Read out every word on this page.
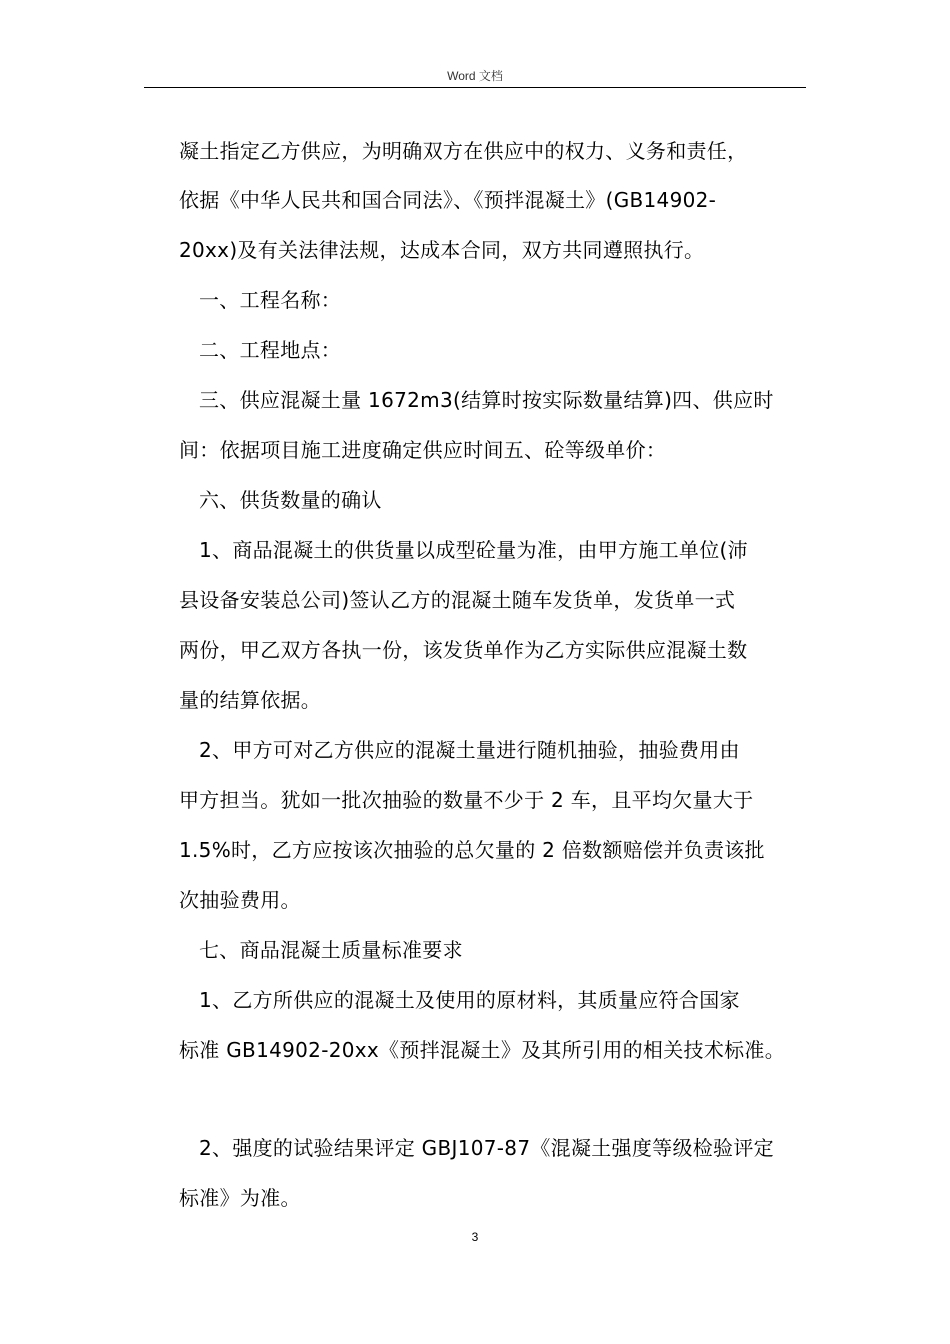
Word 文档
凝土指定乙方供应，为明确双方在供应中的权力、义务和责任，
依据《中华人民共和国合同法》、《预拌混凝土》(GB14902-
20xx)及有关法律法规，达成本合同，双方共同遵照执行。
一、工程名称：
二、工程地点：
三、供应混凝土量 1672m3(结算时按实际数量结算)四、供应时
间：依据项目施工进度确定供应时间五、砼等级单价：
六、供货数量的确认
1、商品混凝土的供货量以成型砼量为准，由甲方施工单位(沛
县设备安装总公司)签认乙方的混凝土随车发货单，发货单一式
两份，甲乙双方各执一份，该发货单作为乙方实际供应混凝土数
量的结算依据。
2、甲方可对乙方供应的混凝土量进行随机抽验，抽验费用由
甲方担当。犹如一批次抽验的数量不少于 2 车，且平均欠量大于
1.5%时，乙方应按该次抽验的总欠量的 2 倍数额赔偿并负责该批
次抽验费用。
七、商品混凝土质量标准要求
1、乙方所供应的混凝土及使用的原材料，其质量应符合国家
标准 GB14902-20xx《预拌混凝土》及其所引用的相关技术标准。
2、强度的试验结果评定 GBJ107-87《混凝土强度等级检验评定
标准》为准。
3
